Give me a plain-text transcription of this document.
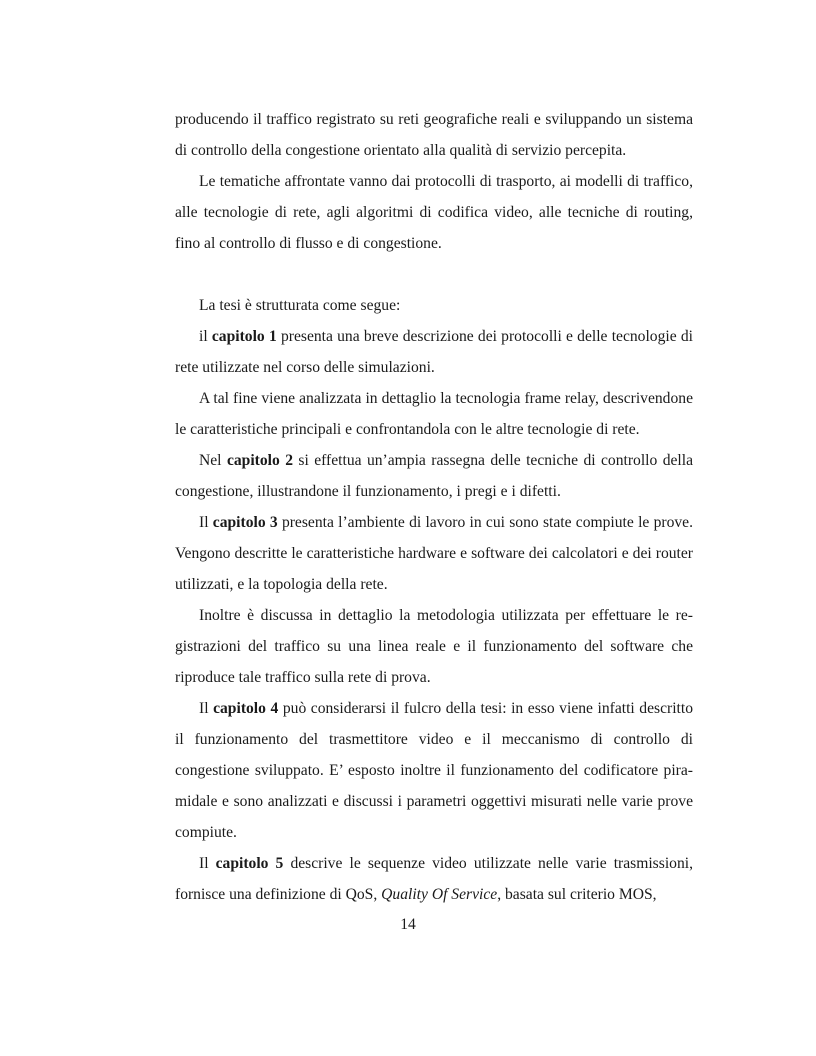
producendo il traffico registrato su reti geografiche reali e sviluppando un sistema di controllo della congestione orientato alla qualità di servizio percepita.

Le tematiche affrontate vanno dai protocolli di trasporto, ai modelli di traffico, alle tecnologie di rete, agli algoritmi di codifica video, alle tecniche di routing, fino al controllo di flusso e di congestione.

La tesi è strutturata come segue:

il capitolo 1 presenta una breve descrizione dei protocolli e delle tecnologie di rete utilizzate nel corso delle simulazioni.

A tal fine viene analizzata in dettaglio la tecnologia frame relay, descrivendone le caratteristiche principali e confrontandola con le altre tecnologie di rete.

Nel capitolo 2 si effettua un’ampia rassegna delle tecniche di controllo della congestione, illustrandone il funzionamento, i pregi e i difetti.

Il capitolo 3 presenta l’ambiente di lavoro in cui sono state compiute le prove. Vengono descritte le caratteristiche hardware e software dei calcolatori e dei router utilizzati, e la topologia della rete.

Inoltre è discussa in dettaglio la metodologia utilizzata per effettuare le registrazioni del traffico su una linea reale e il funzionamento del software che riproduce tale traffico sulla rete di prova.

Il capitolo 4 può considerarsi il fulcro della tesi: in esso viene infatti descritto il funzionamento del trasmettitore video e il meccanismo di controllo di congestione sviluppato. E’ esposto inoltre il funzionamento del codificatore piramidale e sono analizzati e discussi i parametri oggettivi misurati nelle varie prove compiute.

Il capitolo 5 descrive le sequenze video utilizzate nelle varie trasmissioni, fornisce una definizione di QoS, Quality Of Service, basata sul criterio MOS,

14
